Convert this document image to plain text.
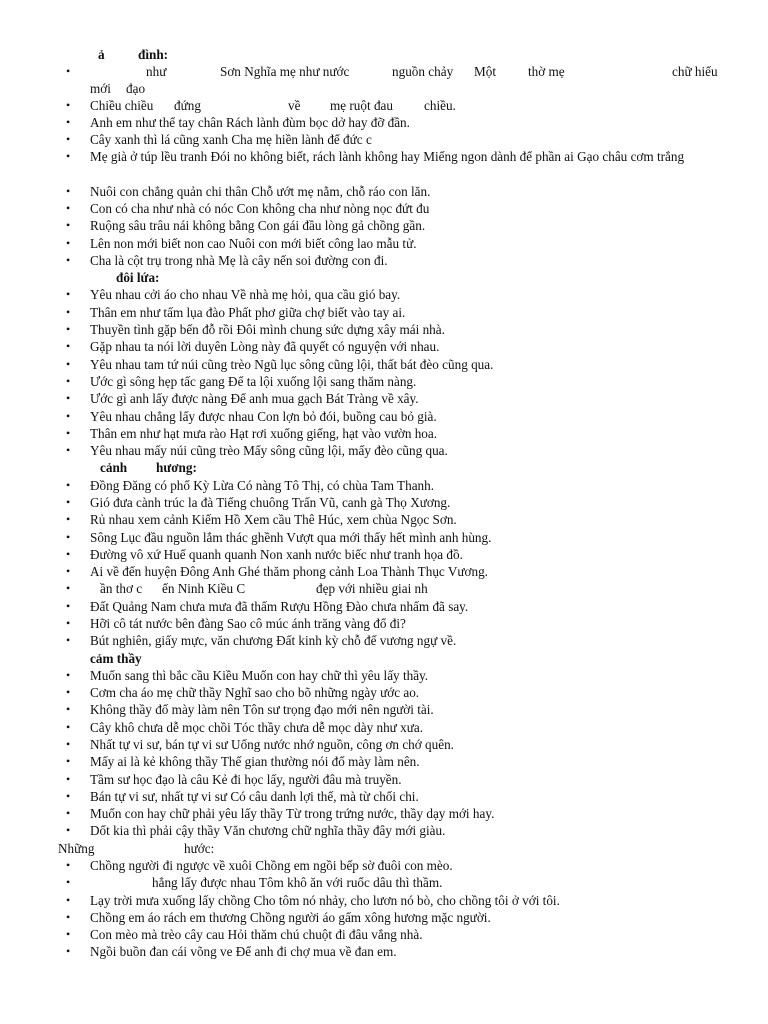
ả	đình:
•	như	Sơn Nghĩa mẹ như nước	nguồn chảy Một thờ mẹ	chữ hiếu
mới đạo
• Chiều chiều đứng	về mẹ ruột đau chiều.
• Anh em như thể tay chân Rách lành đùm bọc dở hay đỡ đần.
• Cây xanh thì lá cũng xanh Cha mẹ hiền lành để đức c
• Mẹ già ở túp lều tranh Đói no không biết, rách lành không hay Miếng ngon dành để phần ai Gạo châu cơm trắng
• Nuôi con chẳng quản chi thân Chỗ ướt mẹ nằm, chỗ ráo con lăn.
• Con có cha như nhà có nóc Con không cha như nòng nọc đứt đu
• Ruộng sâu trâu nái không bằng Con gái đầu lòng gả chồng gần.
• Lên non mới biết non cao Nuôi con mới biết công lao mẫu tử.
• Cha là cột trụ trong nhà Mẹ là cây nến soi đường con đi.
đôi lứa:
• Yêu nhau cởi áo cho nhau Về nhà mẹ hỏi, qua cầu gió bay.
• Thân em như tấm lụa đào Phất phơ giữa chợ biết vào tay ai.
• Thuyền tình gặp bến đỗ rồi Đôi mình chung sức dựng xây mái nhà.
• Gặp nhau ta nói lời duyên Lòng này đã quyết có nguyện với nhau.
• Yêu nhau tam tứ núi cũng trèo Ngũ lục sông cũng lội, thất bát đèo cũng qua.
• Ước gì sông hẹp tấc gang Để ta lội xuống lội sang thăm nàng.
• Ước gì anh lấy được nàng Để anh mua gạch Bát Tràng về xây.
• Yêu nhau chẳng lấy được nhau Con lợn bỏ đói, buồng cau bỏ già.
• Thân em như hạt mưa rào Hạt rơi xuống giếng, hạt vào vườn hoa.
• Yêu nhau mấy núi cũng trèo Mấy sông cũng lội, mấy đèo cũng qua.
cảnh hương:
• Đồng Đăng có phố Kỳ Lừa Có nàng Tô Thị, có chùa Tam Thanh.
• Gió đưa cành trúc la đà Tiếng chuông Trấn Vũ, canh gà Thọ Xương.
• Rủ nhau xem cảnh Kiếm Hồ Xem cầu Thê Húc, xem chùa Ngọc Sơn.
• Sông Lục đầu nguồn lắm thác ghềnh Vượt qua mới thấy hết mình anh hùng.
• Đường vô xứ Huế quanh quanh Non xanh nước biếc như tranh họa đồ.
• Ai về đến huyện Đông Anh Ghé thăm phong cảnh Loa Thành Thục Vương.
• ần thơ c ến Ninh Kiều C	đẹp với nhiều giai nh
• Đất Quảng Nam chưa mưa đã thấm Rượu Hồng Đào chưa nhấm đã say.
• Hỡi cô tát nước bên đàng Sao cô múc ánh trăng vàng đổ đi?
• Bút nghiên, giấy mực, văn chương Đất kinh kỳ chỗ đế vương ngự về.
cảm thầy
• Muốn sang thì bắc cầu Kiều Muốn con hay chữ thì yêu lấy thầy.
• Cơm cha áo mẹ chữ thầy Nghĩ sao cho bõ những ngày ước ao.
• Không thầy đố mày làm nên Tôn sư trọng đạo mới nên người tài.
• Cây khô chưa dễ mọc chồi Tóc thầy chưa dễ mọc dày như xưa.
• Nhất tự vi sư, bán tự vi sư Uống nước nhớ nguồn, công ơn chớ quên.
• Mấy ai là kẻ không thầy Thế gian thường nói đố mày làm nên.
• Tầm sư học đạo là câu Kẻ đi học lấy, người đâu mà truyền.
• Bán tự vi sư, nhất tự vi sư Có câu danh lợi thế, mà từ chối chi.
• Muốn con hay chữ phải yêu lấy thầy Từ trong trứng nước, thầy dạy mới hay.
• Dốt kia thì phải cậy thầy Văn chương chữ nghĩa thầy đây mới giàu.
Những	hước:
• Chồng người đi ngược về xuôi Chồng em ngồi bếp sờ đuôi con mèo.
•	hẳng lấy được nhau Tôm khô ăn với ruốc dâu thì thầm.
• Lạy trời mưa xuống lấy chồng Cho tôm nó nhảy, cho lươn nó bò, cho chồng tôi ở với tôi.
• Chồng em áo rách em thương Chồng người áo gấm xông hương mặc người.
• Con mèo mà trèo cây cau Hỏi thăm chú chuột đi đâu vắng nhà.
• Ngồi buồn đan cái võng ve Để anh đi chợ mua về đan em.
